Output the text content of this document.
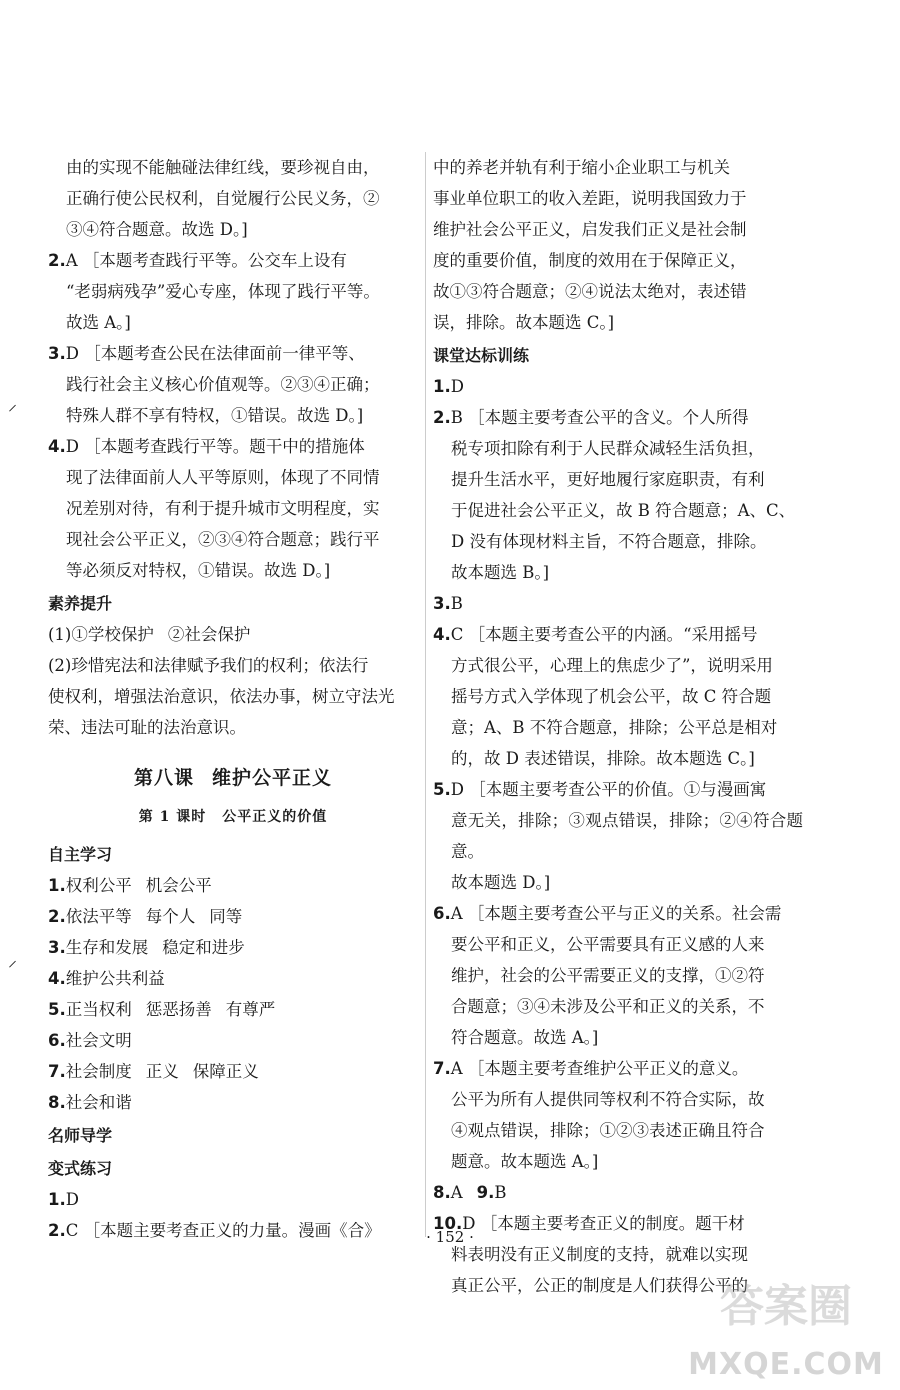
由的实现不能触碰法律红线，要珍视自由，
正确行使公民权利，自觉履行公民义务，②
③④符合题意。故选 D。]
2.A ［本题考查践行平等。公交车上设有
“老弱病残孕”爱心专座，体现了践行平等。
故选 A。]
3.D ［本题考查公民在法律面前一律平等、
践行社会主义核心价值观等。②③④正确；
特殊人群不享有特权，①错误。故选 D。]
4.D ［本题考查践行平等。题干中的措施体
现了法律面前人人平等原则，体现了不同情
况差别对待，有利于提升城市文明程度，实
现社会公平正义，②③④符合题意；践行平
等必须反对特权，①错误。故选 D。]
素养提升
(1)①学校保护 ②社会保护
(2)珍惜宪法和法律赋予我们的权利；依法行
使权利，增强法治意识，依法办事，树立守法光
荣、违法可耻的法治意识。
第八课 维护公平正义
第 1 课时 公平正义的价值
自主学习
1.权利公平 机会公平
2.依法平等 每个人 同等
3.生存和发展 稳定和进步
4.维护公共利益
5.正当权利 惩恶扬善 有尊严
6.社会文明
7.社会制度 正义 保障正义
8.社会和谐
名师导学
变式练习
1.D
2.C ［本题主要考查正义的力量。漫画《合》
中的养老并轨有利于缩小企业职工与机关
事业单位职工的收入差距，说明我国致力于
维护社会公平正义，启发我们正义是社会制
度的重要价值，制度的效用在于保障正义，
故①③符合题意；②④说法太绝对，表述错
误，排除。故本题选 C。]
课堂达标训练
1.D
2.B ［本题主要考查公平的含义。个人所得
税专项扣除有利于人民群众减轻生活负担，
提升生活水平，更好地履行家庭职责，有利
于促进社会公平正义，故 B 符合题意；A、C、
D 没有体现材料主旨，不符合题意，排除。
故本题选 B。]
3.B
4.C ［本题主要考查公平的内涵。“采用摇号
方式很公平，心理上的焦虑少了”，说明采用
摇号方式入学体现了机会公平，故 C 符合题
意；A、B 不符合题意，排除；公平总是相对
的，故 D 表述错误，排除。故本题选 C。]
5.D ［本题主要考查公平的价值。①与漫画寓
意无关，排除；③观点错误，排除；②④符合题意。
故本题选 D。]
6.A ［本题主要考查公平与正义的关系。社会需
要公平和正义，公平需要具有正义感的人来
维护，社会的公平需要正义的支撑，①②符
合题意；③④未涉及公平和正义的关系，不
符合题意。故选 A。]
7.A ［本题主要考查维护公平正义的意义。
公平为所有人提供同等权利不符合实际，故
④观点错误，排除；①②③表述正确且符合
题意。故本题选 A。]
8.A 9.B
10.D ［本题主要考查正义的制度。题干材
料表明没有正义制度的支持，就难以实现
真正公平，公正的制度是人们获得公平的
· 152 ·
⸝
⸝
答案圈
MXQE.COM
